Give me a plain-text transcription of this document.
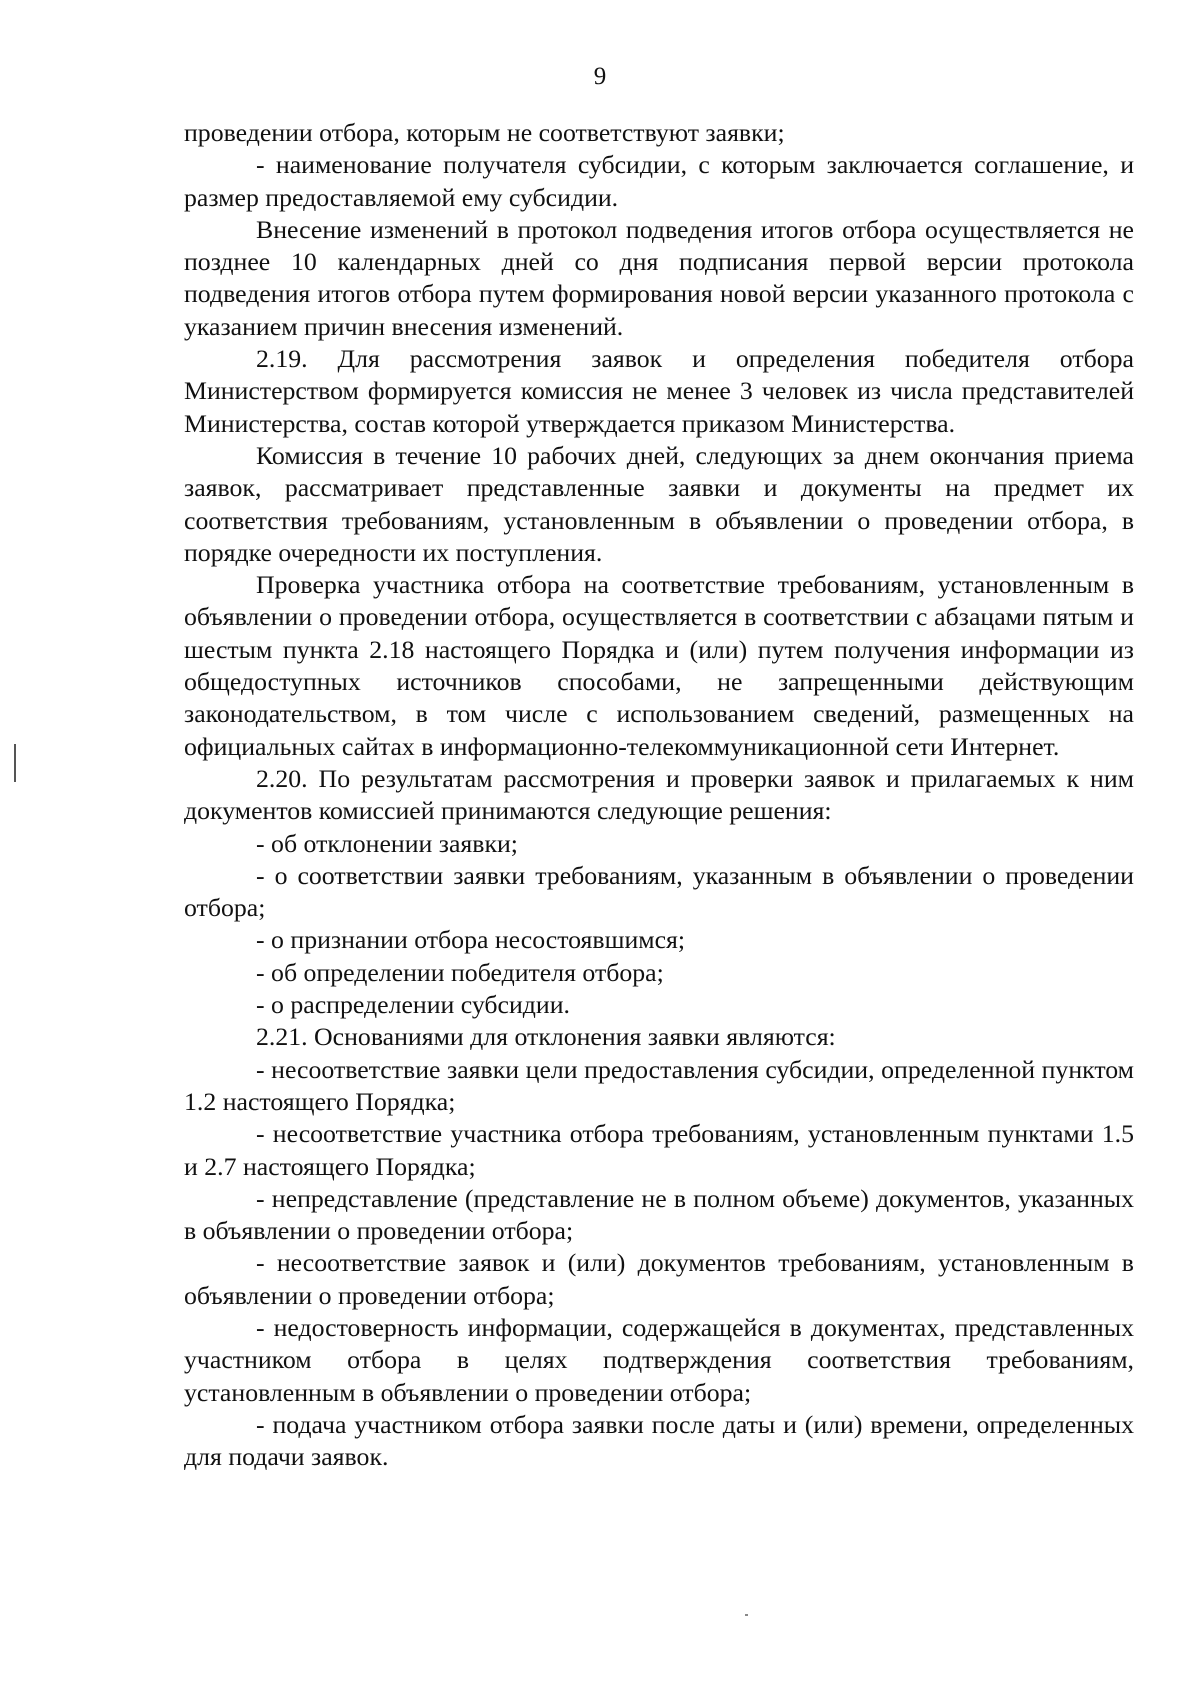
9

проведении отбора, которым не соответствуют заявки;

- наименование получателя субсидии, с которым заключается соглашение, и размер предоставляемой ему субсидии.

Внесение изменений в протокол подведения итогов отбора осуществляется не позднее 10 календарных дней со дня подписания первой версии протокола подведения итогов отбора путем формирования новой версии указанного протокола с указанием причин внесения изменений.

2.19. Для рассмотрения заявок и определения победителя отбора Министерством формируется комиссия не менее 3 человек из числа представителей Министерства, состав которой утверждается приказом Министерства.

Комиссия в течение 10 рабочих дней, следующих за днем окончания приема заявок, рассматривает представленные заявки и документы на предмет их соответствия требованиям, установленным в объявлении о проведении отбора, в порядке очередности их поступления.

Проверка участника отбора на соответствие требованиям, установленным в объявлении о проведении отбора, осуществляется в соответствии с абзацами пятым и шестым пункта 2.18 настоящего Порядка и (или) путем получения информации из общедоступных источников способами, не запрещенными действующим законодательством, в том числе с использованием сведений, размещенных на официальных сайтах в информационно-телекоммуникационной сети Интернет.

2.20. По результатам рассмотрения и проверки заявок и прилагаемых к ним документов комиссией принимаются следующие решения:

- об отклонении заявки;

- о соответствии заявки требованиям, указанным в объявлении о проведении отбора;

- о признании отбора несостоявшимся;

- об определении победителя отбора;

- о распределении субсидии.

2.21. Основаниями для отклонения заявки являются:

- несоответствие заявки цели предоставления субсидии, определенной пунктом 1.2 настоящего Порядка;

- несоответствие участника отбора требованиям, установленным пунктами 1.5 и 2.7 настоящего Порядка;

- непредставление (представление не в полном объеме) документов, указанных в объявлении о проведении отбора;

- несоответствие заявок и (или) документов требованиям, установленным в объявлении о проведении отбора;

- недостоверность информации, содержащейся в документах, представленных участником отбора в целях подтверждения соответствия требованиям, установленным в объявлении о проведении отбора;

- подача участником отбора заявки после даты и (или) времени, определенных для подачи заявок.
